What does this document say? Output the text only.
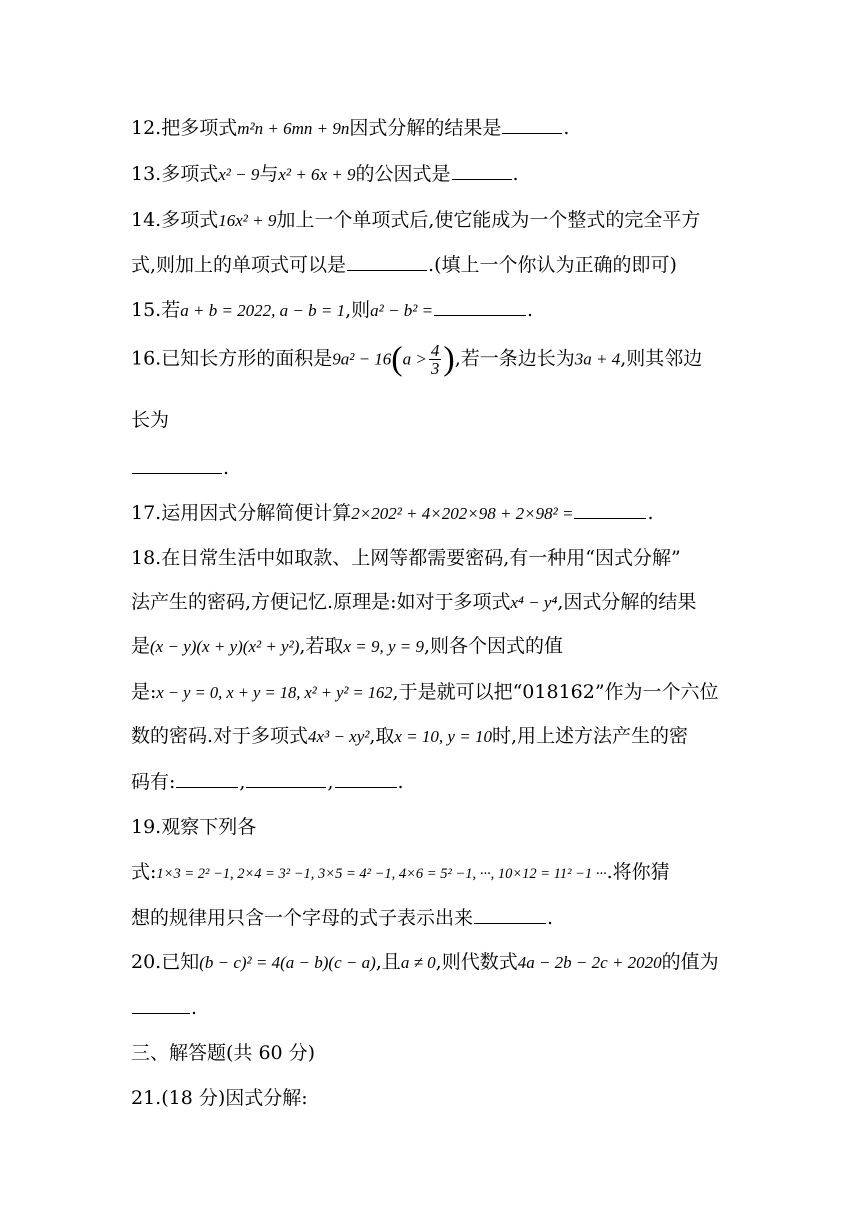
12.把多项式m²n + 6mn + 9n因式分解的结果是	.
13.多项式x² − 9与x² + 6x + 9的公因式是	.
14.多项式16x² + 9加上一个单项式后,使它能成为一个整式的完全平方
式,则加上的单项式可以是	.(填上一个你认为正确的即可)
15.若a + b = 2022, a − b = 1,则a² − b² =	.
16.已知长方形的面积是$9a^2 - 16(a > \frac{4}{3}$ ),若一条边长为3a + 4,则其邻边
长为
.
17.运用因式分解简便计算2×202² + 4×202×98 + 2×98² =	.
18.在日常生活中如取款、上网等都需要密码,有一种用“因式分解”
法产生的密码,方便记忆.原理是:如对于多项式x⁴ − y⁴,因式分解的结果
是(x − y)(x + y)(x² + y²),若取x = 9, y = 9,则各个因式的值
是:x − y = 0, x + y = 18, x² + y² = 162,于是就可以把“018162”作为一个六位
数的密码.对于多项式4x³ − xy²,取x = 10, y = 10时,用上述方法产生的密
码有:	,	,	.
19.观察下列各
式:1×3 = 2² −1, 2×4 = 3² −1, 3×5 = 4² −1, 4×6 = 5² −1, ···, 10×12 = 11² −1 ···.将你猜
想的规律用只含一个字母的式子表示出来	.
20.已知(b − c)² = 4(a − b)(c − a),且a ≠ 0,则代数式4a − 2b − 2c + 2020的值为
.
三、解答题(共 60 分)
21.(18 分)因式分解:
